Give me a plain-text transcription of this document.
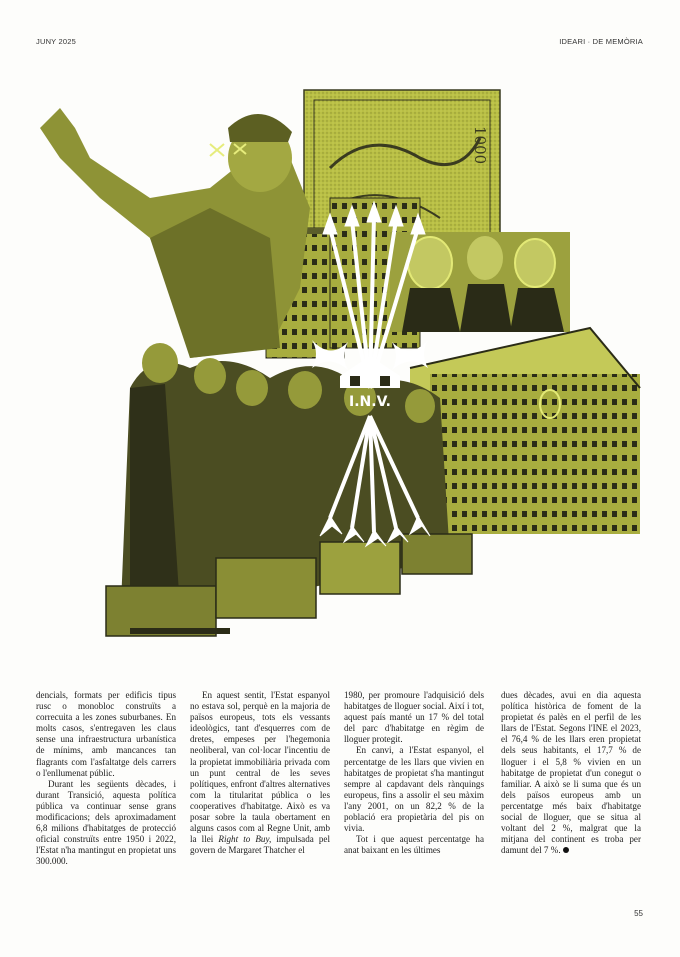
JUNY 2025	IDEARI · DE MEMÒRIA
1000
I.N.V.

dencials, formats per edificis tipus rusc o monobloc construïts a correcuita a les zones suburbanes. En molts casos, s'entregaven les claus sense una infraestructura urbanística de mínims, amb mancances tan flagrants com l'asfaltatge dels carrers o l'enllumenat públic.

Durant les següents dècades, i durant Transició, aquesta política pública va continuar sense grans modificacions; dels aproximadament 6,8 milions d'habitatges de protecció oficial construïts entre 1950 i 2022, l'Estat n'ha mantingut en propietat uns 300.000.

En aquest sentit, l'Estat espanyol no estava sol, perquè en la majoria de països europeus, tots els vessants ideològics, tant d'esquerres com de dretes, empeses per l'hegemonia neoliberal, van col·locar l'incentiu de la propietat immobiliària privada com un punt central de les seves polítiques, enfront d'altres alternatives com la titularitat pública o les cooperatives d'habitatge. Això es va posar sobre la taula obertament en alguns casos com al Regne Unit, amb la llei Right to Buy, impulsada pel govern de Margaret Thatcher el

1980, per promoure l'adquisició dels habitatges de lloguer social. Així i tot, aquest país manté un 17 % del total del parc d'habitatge en règim de lloguer protegit.

En canvi, a l'Estat espanyol, el percentatge de les llars que vivien en habitatges de propietat s'ha mantingut sempre al capdavant dels rànquings europeus, fins a assolir el seu màxim l'any 2001, on un 82,2 % de la població era propietària del pis on vivia.

Tot i que aquest percentatge ha anat baixant en les últimes

dues dècades, avui en dia aquesta política històrica de foment de la propietat és palès en el perfil de les llars de l'Estat. Segons l'INE el 2023, el 76,4 % de les llars eren propietat dels seus habitants, el 17,7 % de lloguer i el 5,8 % vivien en un habitatge de propietat d'un conegut o familiar. A això se li suma que és un dels països europeus amb un percentatge més baix d'habitatge social de lloguer, que se situa al voltant del 2 %, malgrat que la mitjana del continent es troba per damunt del 7 %.

55
